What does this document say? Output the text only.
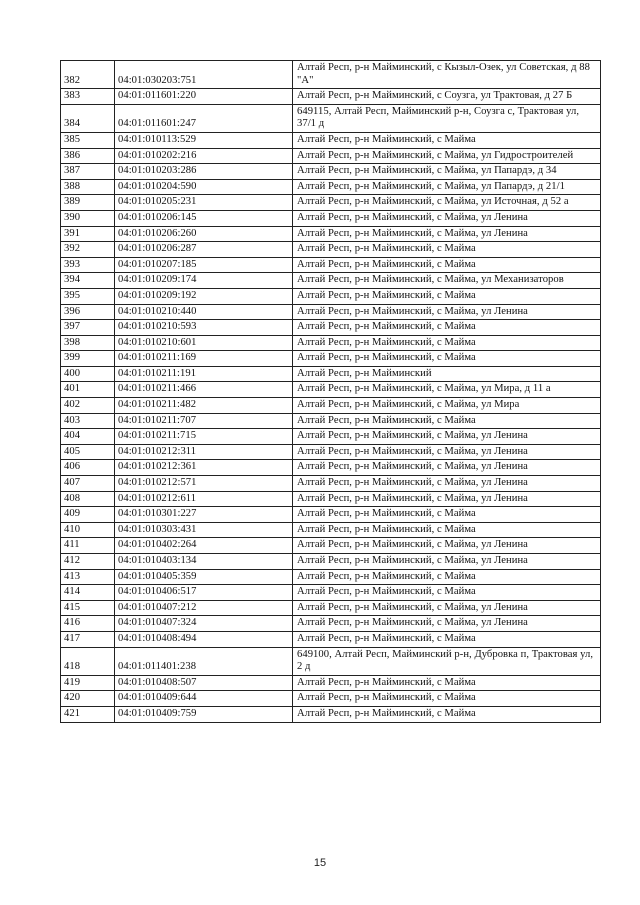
382	04:01:030203:751	Алтай Респ, р-н Майминский, с Кызыл-Озек, ул Советская, д 88 "А"
383	04:01:011601:220	Алтай Респ, р-н Майминский, с Соузга, ул Трактовая, д 27 Б
384	04:01:011601:247	649115, Алтай Респ, Майминский р-н, Соузга с, Трактовая ул, 37/1 д
385	04:01:010113:529	Алтай Респ, р-н Майминский, с Майма
386	04:01:010202:216	Алтай Респ, р-н Майминский, с Майма, ул Гидростроителей
387	04:01:010203:286	Алтай Респ, р-н Майминский, с Майма, ул Папардэ, д 34
388	04:01:010204:590	Алтай Респ, р-н Майминский, с Майма, ул Папардэ, д 21/1
389	04:01:010205:231	Алтай Респ, р-н Майминский, с Майма, ул Источная, д 52 а
390	04:01:010206:145	Алтай Респ, р-н Майминский, с Майма, ул Ленина
391	04:01:010206:260	Алтай Респ, р-н Майминский, с Майма, ул Ленина
392	04:01:010206:287	Алтай Респ, р-н Майминский, с Майма
393	04:01:010207:185	Алтай Респ, р-н Майминский, с Майма
394	04:01:010209:174	Алтай Респ, р-н Майминский, с Майма, ул Механизаторов
395	04:01:010209:192	Алтай Респ, р-н Майминский, с Майма
396	04:01:010210:440	Алтай Респ, р-н Майминский, с Майма, ул Ленина
397	04:01:010210:593	Алтай Респ, р-н Майминский, с Майма
398	04:01:010210:601	Алтай Респ, р-н Майминский, с Майма
399	04:01:010211:169	Алтай Респ, р-н Майминский, с Майма
400	04:01:010211:191	Алтай Респ, р-н Майминский
401	04:01:010211:466	Алтай Респ, р-н Майминский, с Майма, ул Мира, д 11 а
402	04:01:010211:482	Алтай Респ, р-н Майминский, с Майма, ул Мира
403	04:01:010211:707	Алтай Респ, р-н Майминский, с Майма
404	04:01:010211:715	Алтай Респ, р-н Майминский, с Майма, ул Ленина
405	04:01:010212:311	Алтай Респ, р-н Майминский, с Майма, ул Ленина
406	04:01:010212:361	Алтай Респ, р-н Майминский, с Майма, ул Ленина
407	04:01:010212:571	Алтай Респ, р-н Майминский, с Майма, ул Ленина
408	04:01:010212:611	Алтай Респ, р-н Майминский, с Майма, ул Ленина
409	04:01:010301:227	Алтай Респ, р-н Майминский, с Майма
410	04:01:010303:431	Алтай Респ, р-н Майминский, с Майма
411	04:01:010402:264	Алтай Респ, р-н Майминский, с Майма, ул Ленина
412	04:01:010403:134	Алтай Респ, р-н Майминский, с Майма, ул Ленина
413	04:01:010405:359	Алтай Респ, р-н Майминский, с Майма
414	04:01:010406:517	Алтай Респ, р-н Майминский, с Майма
415	04:01:010407:212	Алтай Респ, р-н Майминский, с Майма, ул Ленина
416	04:01:010407:324	Алтай Респ, р-н Майминский, с Майма, ул Ленина
417	04:01:010408:494	Алтай Респ, р-н Майминский, с Майма
418	04:01:011401:238	649100, Алтай Респ, Майминский р-н, Дубровка п, Трактовая ул, 2 д
419	04:01:010408:507	Алтай Респ, р-н Майминский, с Майма
420	04:01:010409:644	Алтай Респ, р-н Майминский, с Майма
421	04:01:010409:759	Алтай Респ, р-н Майминский, с Майма
15
